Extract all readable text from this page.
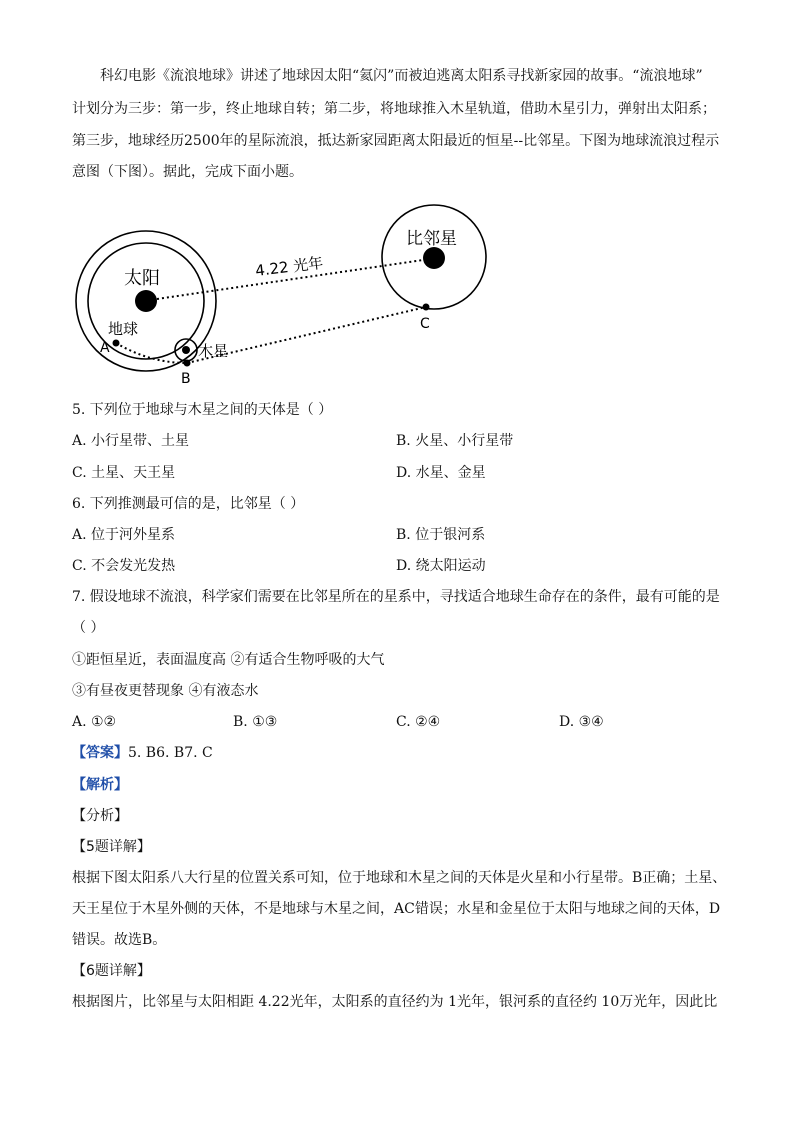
科幻电影《流浪地球》讲述了地球因太阳“氦闪”而被迫逃离太阳系寻找新家园的故事。“流浪地球”
计划分为三步：第一步，终止地球自转；第二步，将地球推入木星轨道，借助木星引力，弹射出太阳系；
第三步，地球经历2500年的星际流浪，抵达新家园距离太阳最近的恒星--比邻星。下图为地球流浪过程示
意图（下图）。据此，完成下面小题。
太阳
比邻星
4.22 光年
地球
A	木星
B
C
5. 下列位于地球与木星之间的天体是（ ）
A. 小行星带、土星	B. 火星、小行星带
C. 土星、天王星	D. 水星、金星
6. 下列推测最可信的是，比邻星（ ）
A. 位于河外星系	B. 位于银河系
C. 不会发光发热	D. 绕太阳运动
7. 假设地球不流浪，科学家们需要在比邻星所在的星系中，寻找适合地球生命存在的条件，最有可能的是
（ ）
①距恒星近，表面温度高 ②有适合生物呼吸的大气
③有昼夜更替现象 ④有液态水
A. ①②	B. ①③	C. ②④	D. ③④
【答案】5. B6. B7. C
【解析】
【分析】
【5题详解】
根据下图太阳系八大行星的位置关系可知，位于地球和木星之间的天体是火星和小行星带。B正确；土星、
天王星位于木星外侧的天体，不是地球与木星之间，AC错误；水星和金星位于太阳与地球之间的天体，D
错误。故选B。
【6题详解】
根据图片，比邻星与太阳相距 4.22光年，太阳系的直径约为 1光年，银河系的直径约 10万光年，因此比
